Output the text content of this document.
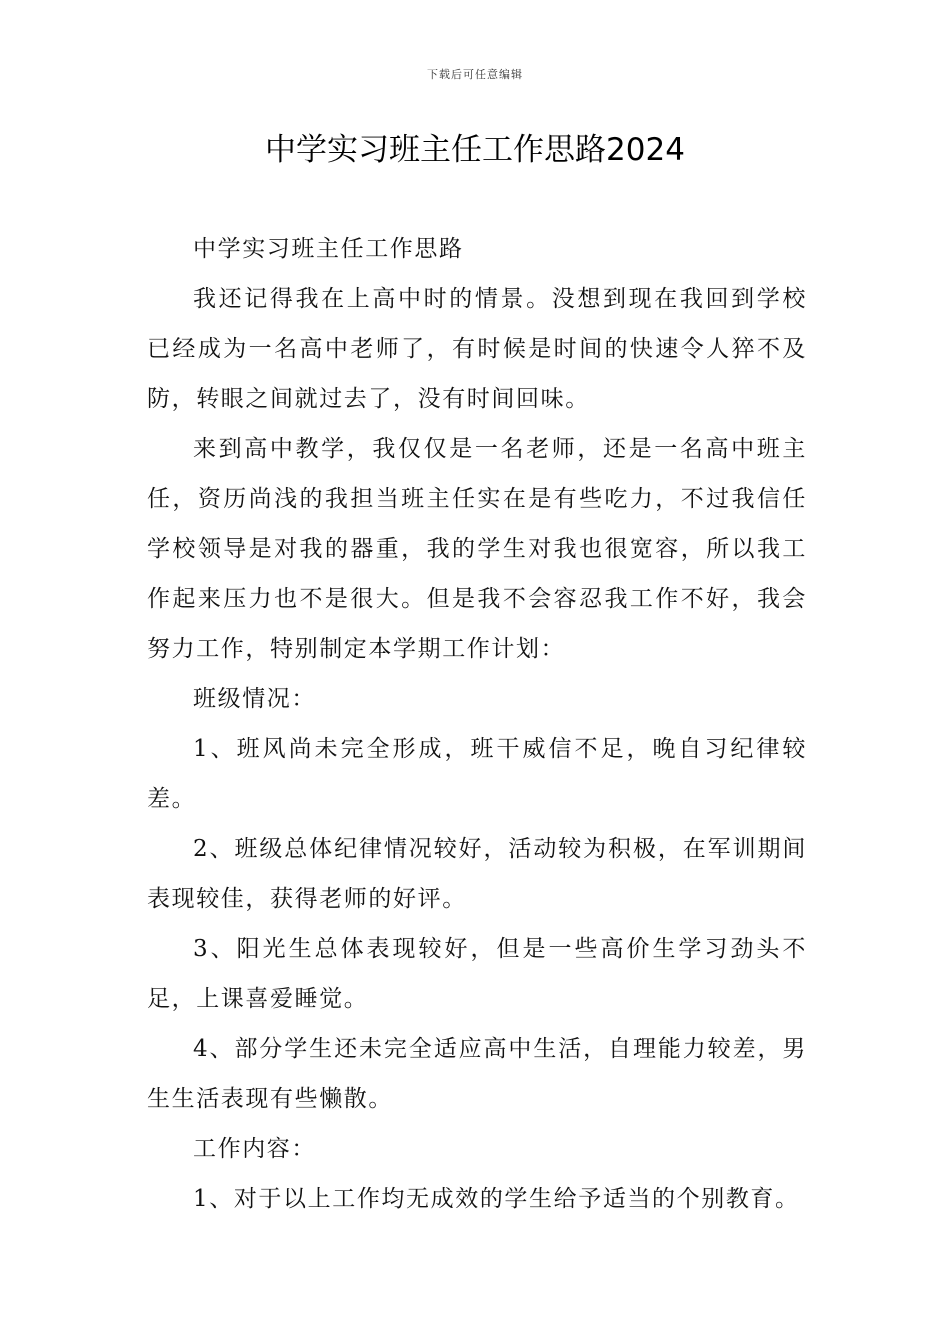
下载后可任意编辑
中学实习班主任工作思路2024

中学实习班主任工作思路

我还记得我在上高中时的情景。没想到现在我回到学校已经成为一名高中老师了，有时候是时间的快速令人猝不及防，转眼之间就过去了，没有时间回味。

来到高中教学，我仅仅是一名老师，还是一名高中班主任，资历尚浅的我担当班主任实在是有些吃力，不过我信任学校领导是对我的器重，我的学生对我也很宽容，所以我工作起来压力也不是很大。但是我不会容忍我工作不好，我会努力工作，特别制定本学期工作计划：

班级情况：

1、班风尚未完全形成，班干威信不足，晚自习纪律较差。

2、班级总体纪律情况较好，活动较为积极，在军训期间表现较佳，获得老师的好评。

3、阳光生总体表现较好，但是一些高价生学习劲头不足，上课喜爱睡觉。

4、部分学生还未完全适应高中生活，自理能力较差，男生生活表现有些懒散。

工作内容：

1、对于以上工作均无成效的学生给予适当的个别教育。
